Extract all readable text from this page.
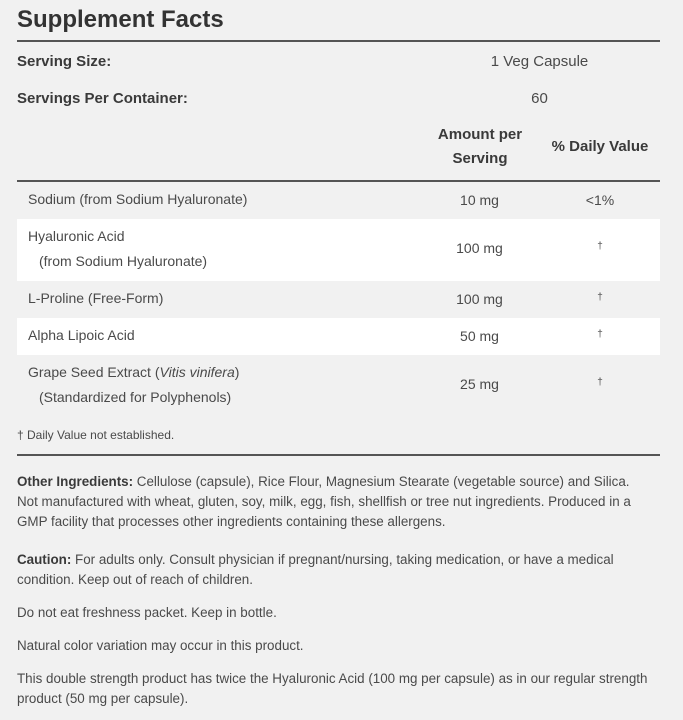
Supplement Facts
Serving Size:	1 Veg Capsule
Servings Per Container:	60
Amount per
Serving
% Daily Value
Sodium (from Sodium Hyaluronate)	10 mg	<1%
Hyaluronic Acid
(from Sodium Hyaluronate)
100 mg	†
L-Proline (Free-Form)	100 mg	†
Alpha Lipoic Acid	50 mg	†
Grape Seed Extract (Vitis vinifera)
(Standardized for Polyphenols)
25 mg	†
† Daily Value not established.
Other Ingredients: Cellulose (capsule), Rice Flour, Magnesium Stearate (vegetable source) and Silica.
Not manufactured with wheat, gluten, soy, milk, egg, fish, shellfish or tree nut ingredients. Produced in a GMP facility that processes other ingredients containing these allergens.
Caution: For adults only. Consult physician if pregnant/nursing, taking medication, or have a medical condition. Keep out of reach of children.
Do not eat freshness packet. Keep in bottle.
Natural color variation may occur in this product.
This double strength product has twice the Hyaluronic Acid (100 mg per capsule) as in our regular strength product (50 mg per capsule).
